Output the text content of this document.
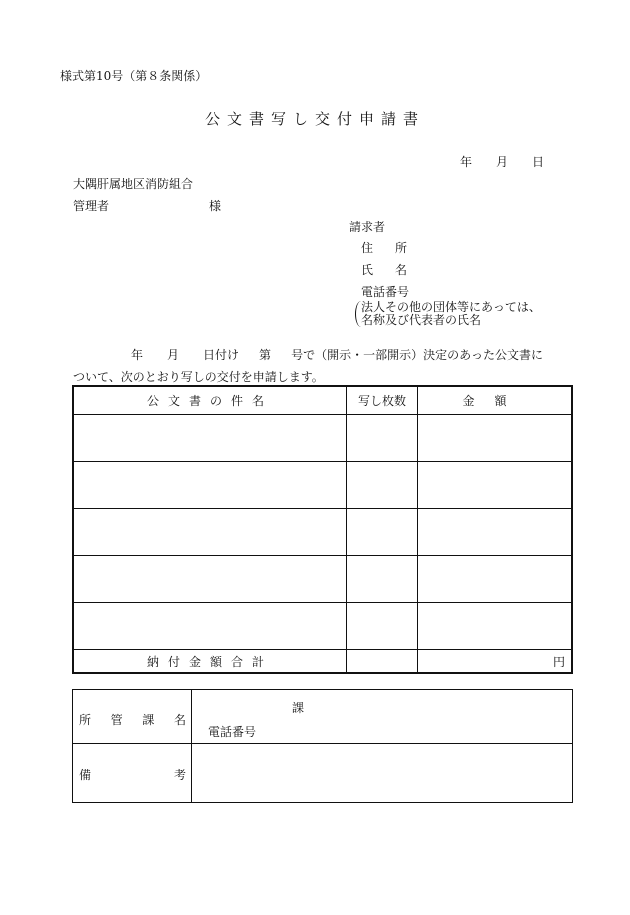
様式第10号（第８条関係）
公文書写し交付申請書
年 月 日
大隅肝属地区消防組合
管理者	様
請求者
住 所
氏 名
電話番号
法人その他の団体等にあっては、
名称及び代表者の氏名
年 月 日付け 第 号で（開示・一部開示）決定のあった公文書に
ついて、次のとおり写しの交付を申請します。
公文書の件名	写し枚数	金額

納付金額合計		円
所 管 課 名	課
電話番号

備 考	
